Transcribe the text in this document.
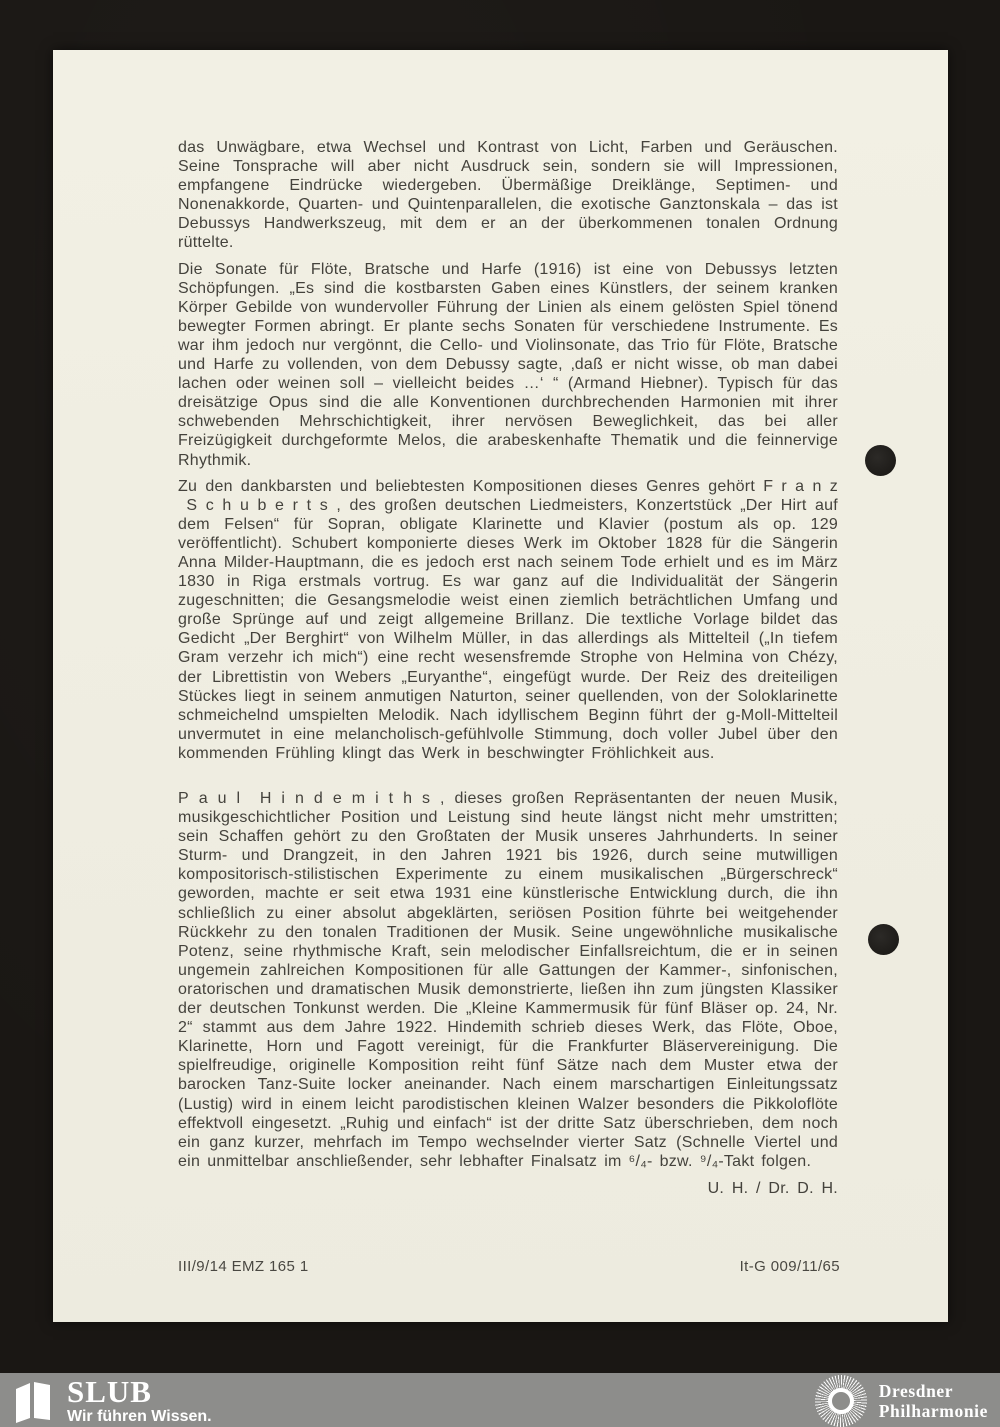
das Unwägbare, etwa Wechsel und Kontrast von Licht, Farben und Geräuschen. Seine Tonsprache will aber nicht Ausdruck sein, sondern sie will Impressionen, empfangene Eindrücke wiedergeben. Übermäßige Dreiklänge, Septimen- und Nonenakkorde, Quarten- und Quintenparallelen, die exotische Ganztonskala – das ist Debussys Handwerkszeug, mit dem er an der überkommenen tonalen Ordnung rüttelte.

Die Sonate für Flöte, Bratsche und Harfe (1916) ist eine von Debussys letzten Schöpfungen. „Es sind die kostbarsten Gaben eines Künstlers, der seinem kranken Körper Gebilde von wundervoller Führung der Linien als einem gelösten Spiel tönend bewegter Formen abringt. Er plante sechs Sonaten für verschiedene Instrumente. Es war ihm jedoch nur vergönnt, die Cello- und Violinsonate, das Trio für Flöte, Bratsche und Harfe zu vollenden, von dem Debussy sagte, ‚daß er nicht wisse, ob man dabei lachen oder weinen soll – vielleicht beides …‘ “ (Armand Hiebner). Typisch für das dreisätzige Opus sind die alle Konventionen durchbrechenden Harmonien mit ihrer schwebenden Mehrschichtigkeit, ihrer nervösen Beweglichkeit, das bei aller Freizügigkeit durchgeformte Melos, die arabeskenhafte Thematik und die feinnervige Rhythmik.

Zu den dankbarsten und beliebtesten Kompositionen dieses Genres gehört F r a n z  S c h u b e r t s , des großen deutschen Liedmeisters, Konzertstück „Der Hirt auf dem Felsen“ für Sopran, obligate Klarinette und Klavier (postum als op. 129 veröffentlicht). Schubert komponierte dieses Werk im Oktober 1828 für die Sängerin Anna Milder-Hauptmann, die es jedoch erst nach seinem Tode erhielt und es im März 1830 in Riga erstmals vortrug. Es war ganz auf die Individualität der Sängerin zugeschnitten; die Gesangsmelodie weist einen ziemlich beträchtlichen Umfang und große Sprünge auf und zeigt allgemeine Brillanz. Die textliche Vorlage bildet das Gedicht „Der Berghirt“ von Wilhelm Müller, in das allerdings als Mittelteil („In tiefem Gram verzehr ich mich“) eine recht wesensfremde Strophe von Helmina von Chézy, der Librettistin von Webers „Euryanthe“, eingefügt wurde. Der Reiz des dreiteiligen Stückes liegt in seinem anmutigen Naturton, seiner quellenden, von der Soloklarinette schmeichelnd umspielten Melodik. Nach idyllischem Beginn führt der g-Moll-Mittelteil unvermutet in eine melancholisch-gefühlvolle Stimmung, doch voller Jubel über den kommenden Frühling klingt das Werk in beschwingter Fröhlichkeit aus.

P a u l  H i n d e m i t h s , dieses großen Repräsentanten der neuen Musik, musikgeschichtlicher Position und Leistung sind heute längst nicht mehr umstritten; sein Schaffen gehört zu den Großtaten der Musik unseres Jahrhunderts. In seiner Sturm- und Drangzeit, in den Jahren 1921 bis 1926, durch seine mutwilligen kompositorisch-stilistischen Experimente zu einem musikalischen „Bürgerschreck“ geworden, machte er seit etwa 1931 eine künstlerische Entwicklung durch, die ihn schließlich zu einer absolut abgeklärten, seriösen Position führte bei weitgehender Rückkehr zu den tonalen Traditionen der Musik. Seine ungewöhnliche musikalische Potenz, seine rhythmische Kraft, sein melodischer Einfallsreichtum, die er in seinen ungemein zahlreichen Kompositionen für alle Gattungen der Kammer-, sinfonischen, oratorischen und dramatischen Musik demonstrierte, ließen ihn zum jüngsten Klassiker der deutschen Tonkunst werden. Die „Kleine Kammermusik für fünf Bläser op. 24, Nr. 2“ stammt aus dem Jahre 1922. Hindemith schrieb dieses Werk, das Flöte, Oboe, Klarinette, Horn und Fagott vereinigt, für die Frankfurter Bläservereinigung. Die spielfreudige, originelle Komposition reiht fünf Sätze nach dem Muster etwa der barocken Tanz-Suite locker aneinander. Nach einem marschartigen Einleitungssatz (Lustig) wird in einem leicht parodistischen kleinen Walzer besonders die Pikkoloflöte effektvoll eingesetzt. „Ruhig und einfach“ ist der dritte Satz überschrieben, dem noch ein ganz kurzer, mehrfach im Tempo wechselnder vierter Satz (Schnelle Viertel und ein unmittelbar anschließender, sehr lebhafter Finalsatz im ⁶/₄- bzw. ⁹/₄-Takt folgen.

U. H. / Dr. D. H.
III/9/14 EMZ 165 1	It-G 009/11/65
SLUB
Wir führen Wissen.
Dresdner
Philharmonie
